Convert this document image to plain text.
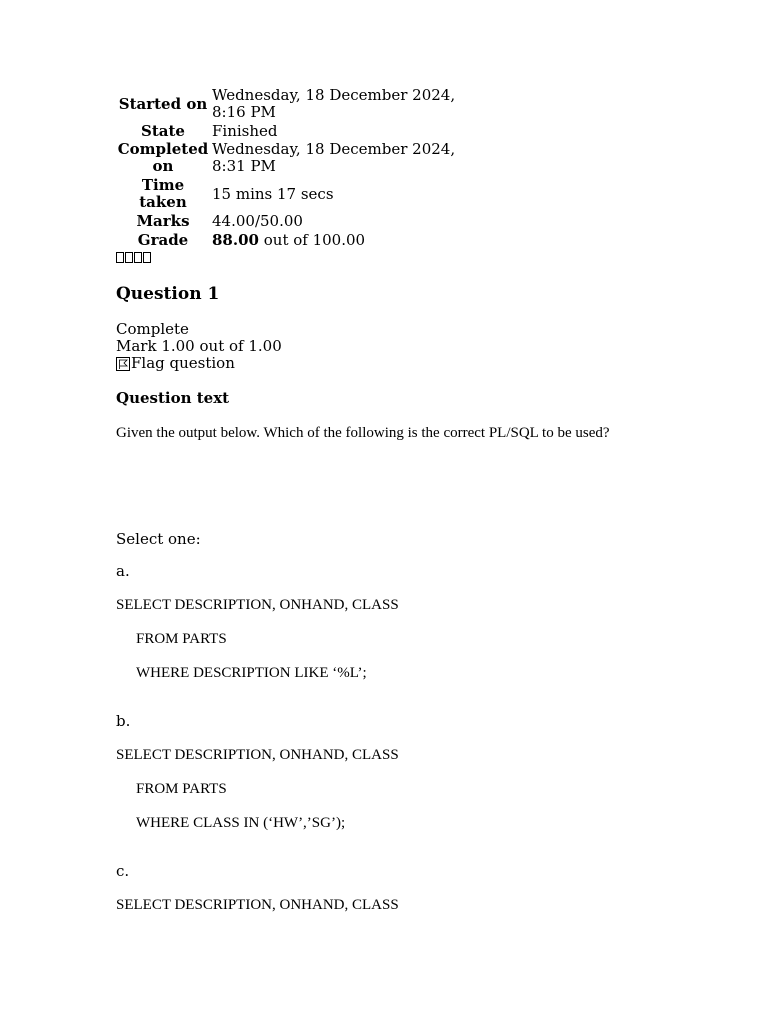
Started on	Wednesday, 18 December 2024, 8:16 PM
State	Finished
Completed on	Wednesday, 18 December 2024, 8:31 PM
Time taken	15 mins 17 secs
Marks	44.00/50.00
Grade	88.00 out of 100.00
Question 1
Complete
Mark 1.00 out of 1.00
Flag question
Question text
Given the output below. Which of the following is the correct PL/SQL to be used?
Select one:
a.
SELECT DESCRIPTION, ONHAND, CLASS
FROM PARTS
WHERE DESCRIPTION LIKE ‘%L’;
b.
SELECT DESCRIPTION, ONHAND, CLASS
FROM PARTS
WHERE CLASS IN (‘HW’,’SG’);
c.
SELECT DESCRIPTION, ONHAND, CLASS
